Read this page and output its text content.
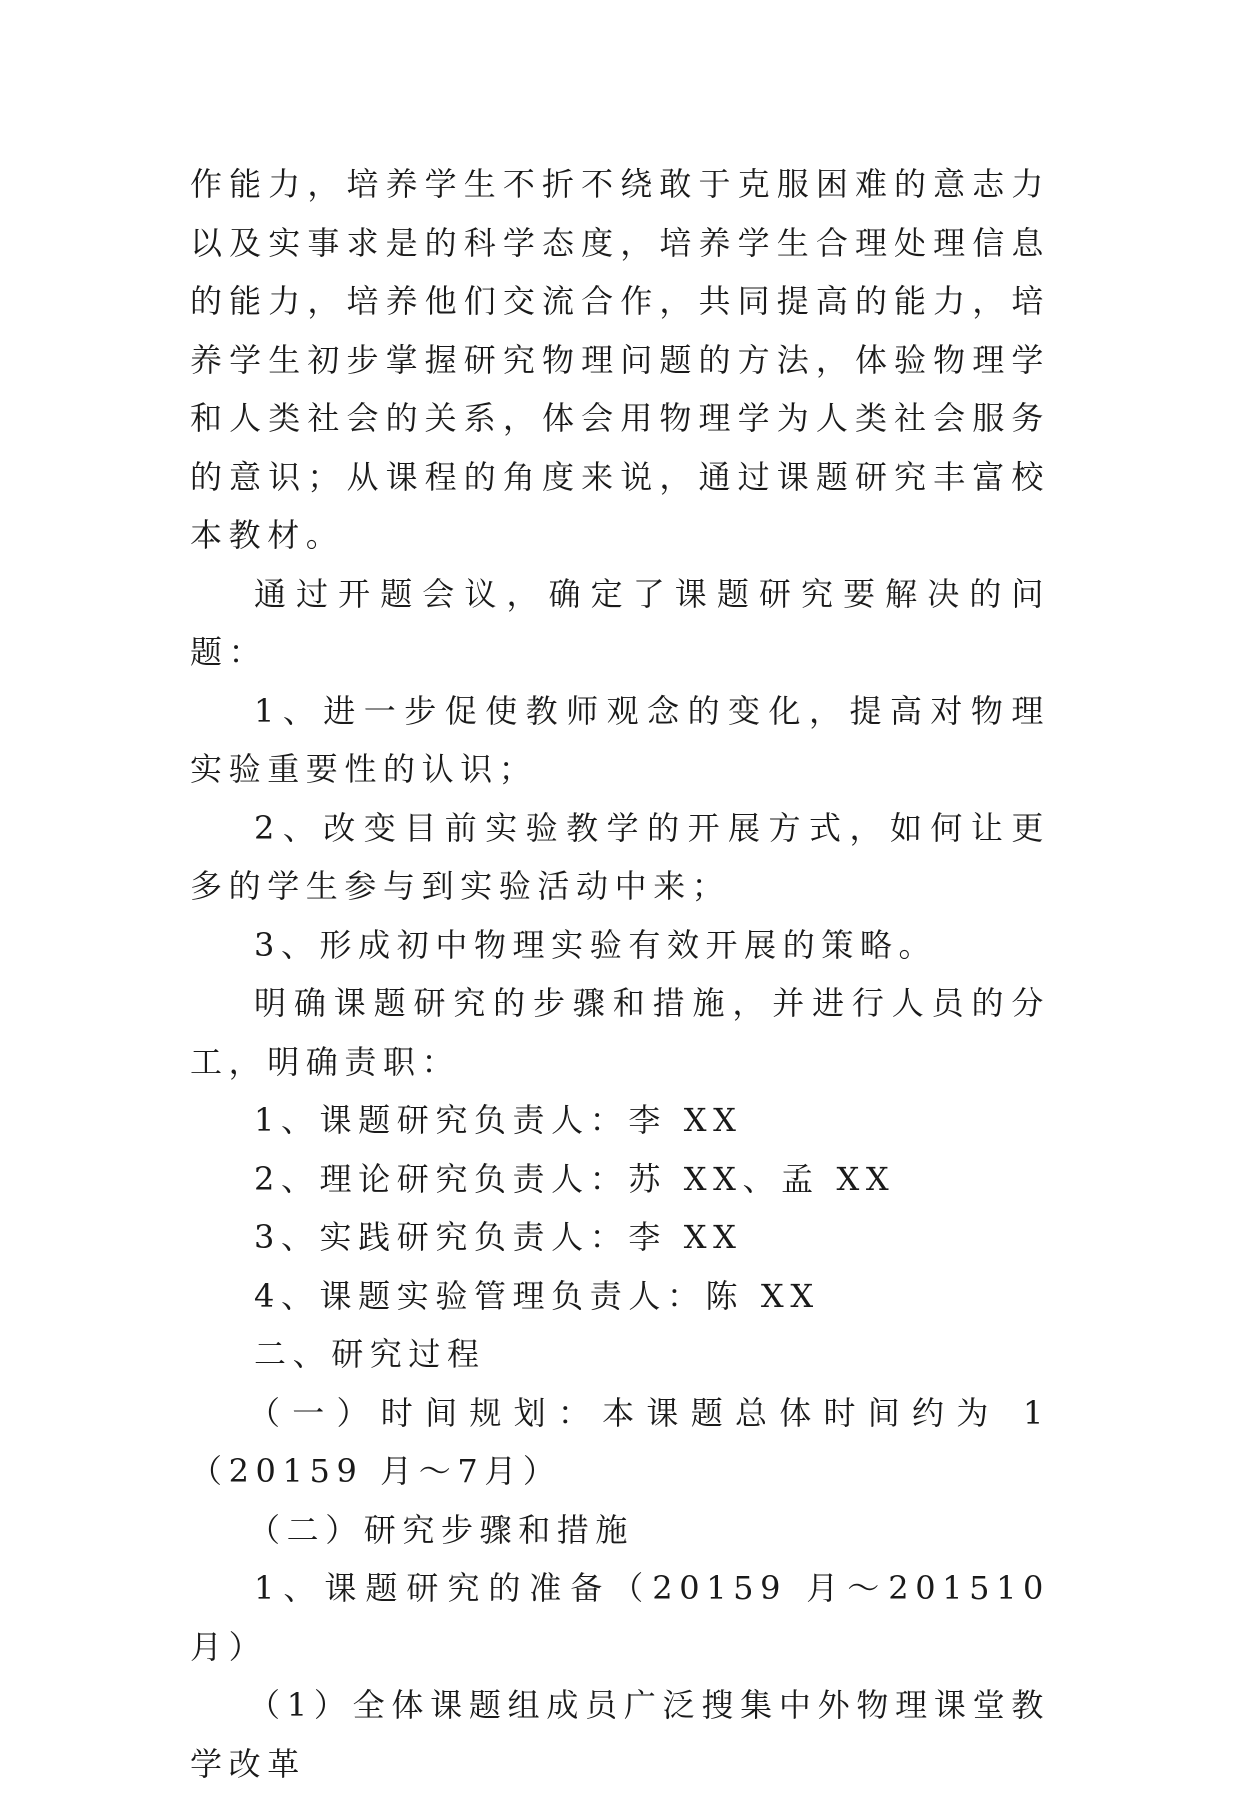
作能力，培养学生不折不绕敢于克服困难的意志力以及实事求是的科学态度，培养学生合理处理信息的能力，培养他们交流合作，共同提高的能力，培养学生初步掌握研究物理问题的方法，体验物理学和人类社会的关系，体会用物理学为人类社会服务的意识；从课程的角度来说，通过课题研究丰富校本教材。

通过开题会议，确定了课题研究要解决的问题：

1、进一步促使教师观念的变化，提高对物理实验重要性的认识；

2、改变目前实验教学的开展方式，如何让更多的学生参与到实验活动中来；

3、形成初中物理实验有效开展的策略。

明确课题研究的步骤和措施，并进行人员的分工，明确责职：

1、课题研究负责人：李 XX

2、理论研究负责人：苏 XX、孟 XX

3、实践研究负责人：李 XX

4、课题实验管理负责人：陈 XX

二、研究过程

（一）时间规划：本课题总体时间约为 1（20159 月～7月）

（二）研究步骤和措施

1、课题研究的准备（20159 月～201510 月）

（1）全体课题组成员广泛搜集中外物理课堂教学改革
